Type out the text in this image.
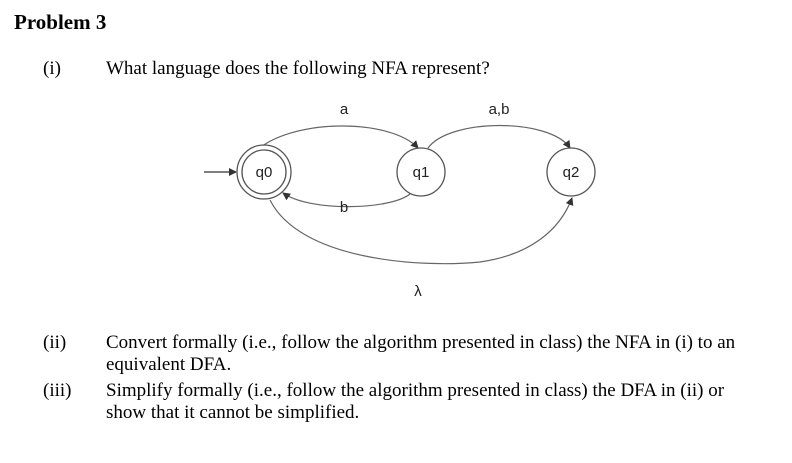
Problem 3
(i) What language does the following NFA represent?
q0	q1	q2
a
b
a,b
λ
(ii) Convert formally (i.e., follow the algorithm presented in class) the NFA in (i) to an
equivalent DFA.
(iii) Simplify formally (i.e., follow the algorithm presented in class) the DFA in (ii) or
show that it cannot be simplified.
